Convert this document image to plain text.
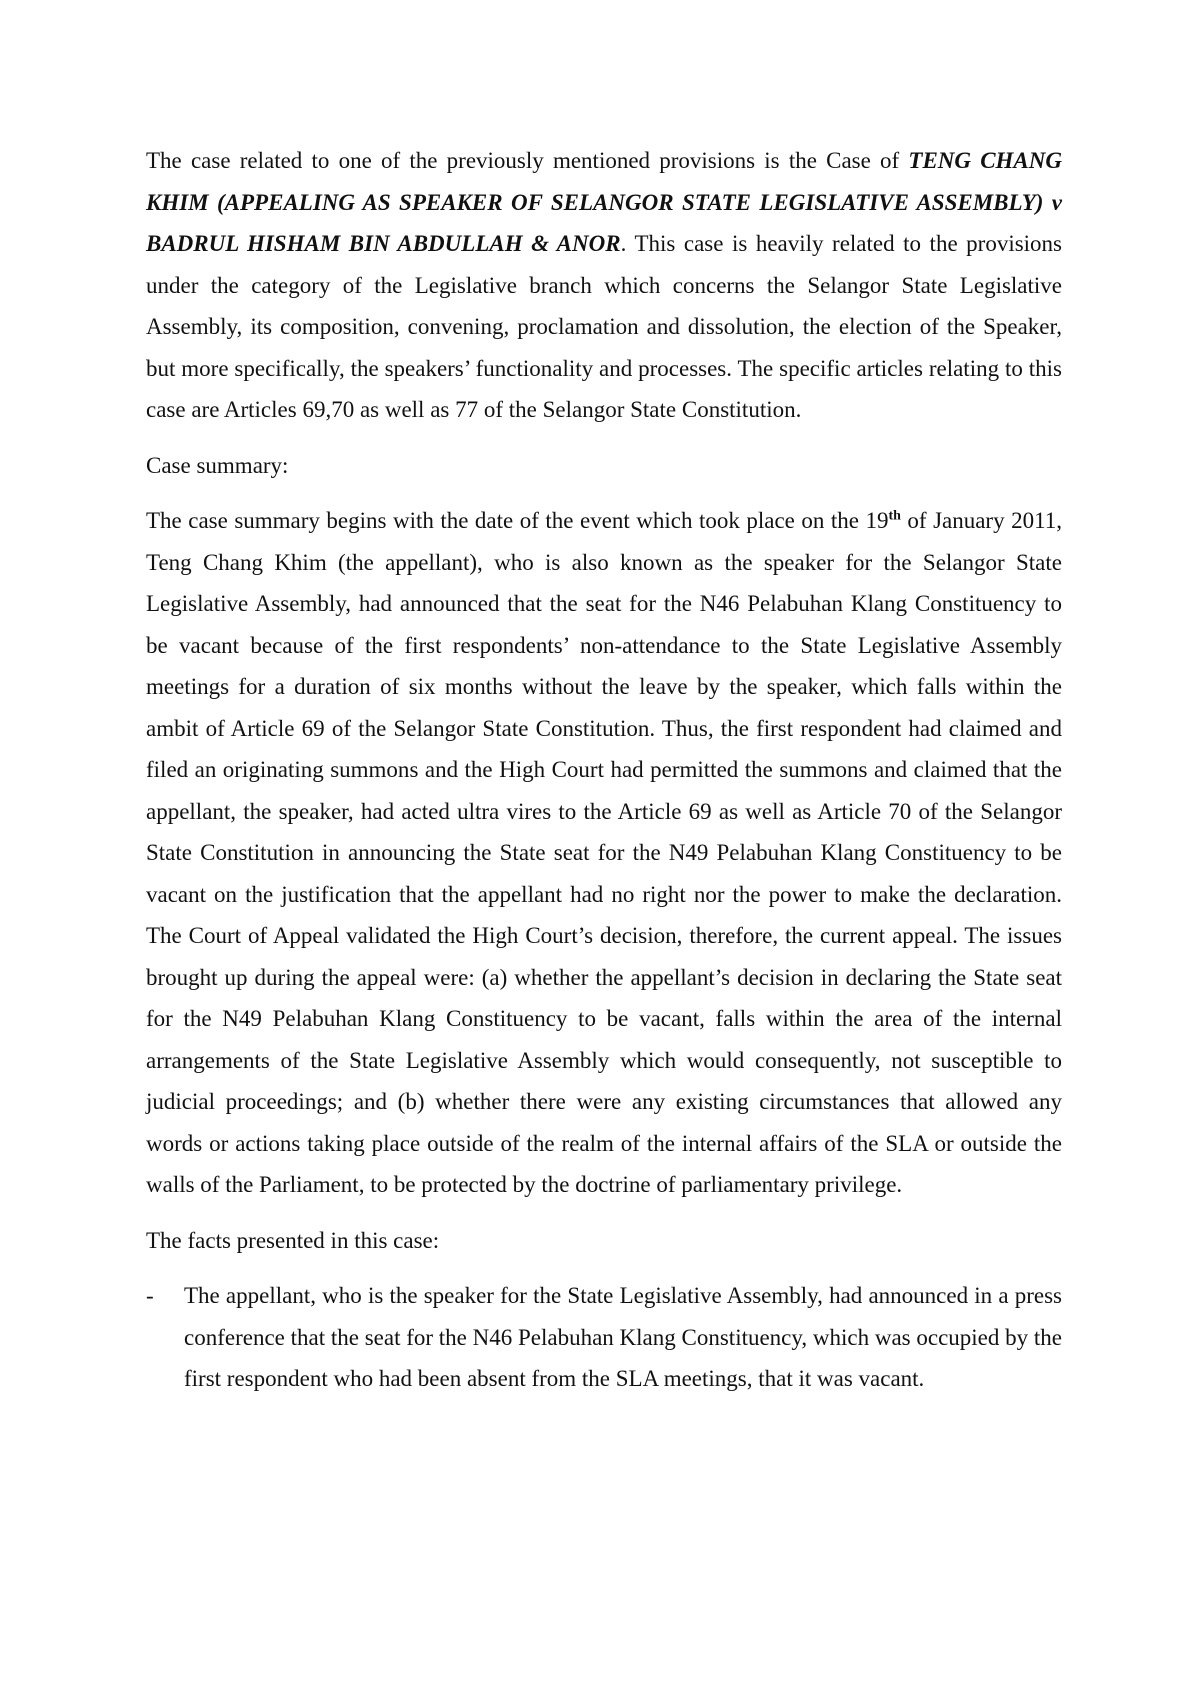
The case related to one of the previously mentioned provisions is the Case of TENG CHANG KHIM (APPEALING AS SPEAKER OF SELANGOR STATE LEGISLATIVE ASSEMBLY) v BADRUL HISHAM BIN ABDULLAH & ANOR. This case is heavily related to the provisions under the category of the Legislative branch which concerns the Selangor State Legislative Assembly, its composition, convening, proclamation and dissolution, the election of the Speaker, but more specifically, the speakers’ functionality and processes. The specific articles relating to this case are Articles 69,70 as well as 77 of the Selangor State Constitution.

Case summary:

The case summary begins with the date of the event which took place on the 19th of January 2011, Teng Chang Khim (the appellant), who is also known as the speaker for the Selangor State Legislative Assembly, had announced that the seat for the N46 Pelabuhan Klang Constituency to be vacant because of the first respondents’ non-attendance to the State Legislative Assembly meetings for a duration of six months without the leave by the speaker, which falls within the ambit of Article 69 of the Selangor State Constitution. Thus, the first respondent had claimed and filed an originating summons and the High Court had permitted the summons and claimed that the appellant, the speaker, had acted ultra vires to the Article 69 as well as Article 70 of the Selangor State Constitution in announcing the State seat for the N49 Pelabuhan Klang Constituency to be vacant on the justification that the appellant had no right nor the power to make the declaration. The Court of Appeal validated the High Court’s decision, therefore, the current appeal. The issues brought up during the appeal were: (a) whether the appellant’s decision in declaring the State seat for the N49 Pelabuhan Klang Constituency to be vacant, falls within the area of the internal arrangements of the State Legislative Assembly which would consequently, not susceptible to judicial proceedings; and (b) whether there were any existing circumstances that allowed any words or actions taking place outside of the realm of the internal affairs of the SLA or outside the walls of the Parliament, to be protected by the doctrine of parliamentary privilege.

The facts presented in this case:

-	The appellant, who is the speaker for the State Legislative Assembly, had announced in a press conference that the seat for the N46 Pelabuhan Klang Constituency, which was occupied by the first respondent who had been absent from the SLA meetings, that it was vacant.
